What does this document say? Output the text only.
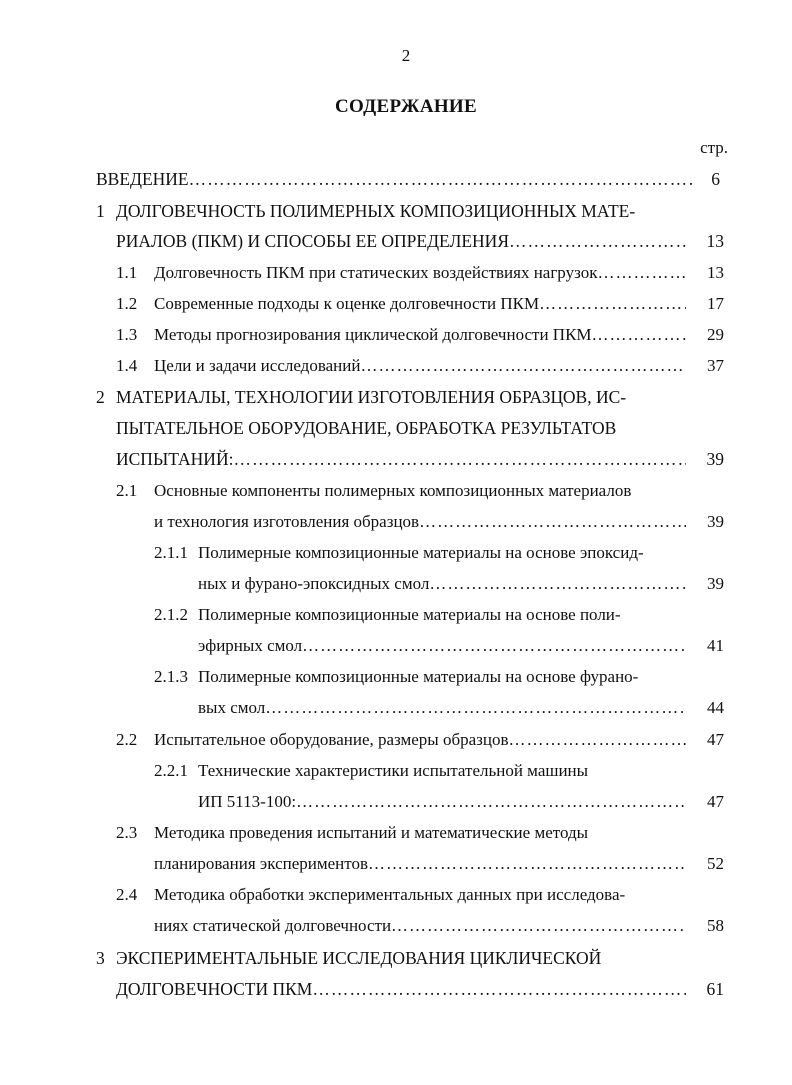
2
СОДЕРЖАНИЕ
стр.
ВВЕДЕНИЕ …………………………………………………………………………………………………………………………………………	6
1 ДОЛГОВЕЧНОСТЬ ПОЛИМЕРНЫХ КОМПОЗИЦИОННЫХ МАТЕ-
РИАЛОВ (ПКМ) И СПОСОБЫ ЕЕ ОПРЕДЕЛЕНИЯ …………………………………………………………………………………………………………………………………………	13
1.1 Долговечность ПКМ при статических воздействиях нагрузок …………………………………………………………………………………………………………………………………………	13
1.2 Современные подходы к оценке долговечности ПКМ …………………………………………………………………………………………………………………………………………	17
1.3 Методы прогнозирования циклической долговечности ПКМ …………………………………………………………………………………………………………………………………………	29
1.4 Цели и задачи исследований …………………………………………………………………………………………………………………………………………	37
2 МАТЕРИАЛЫ, ТЕХНОЛОГИИ ИЗГОТОВЛЕНИЯ ОБРАЗЦОВ, ИС-
ПЫТАТЕЛЬНОЕ ОБОРУДОВАНИЕ, ОБРАБОТКА РЕЗУЛЬТАТОВ
ИСПЫТАНИЙ: …………………………………………………………………………………………………………………………………………	39
2.1 Основные компоненты полимерных композиционных материалов
и технология изготовления образцов …………………………………………………………………………………………………………………………………………	39
2.1.1 Полимерные композиционные материалы на основе эпоксид-
ных и фурано-эпоксидных смол …………………………………………………………………………………………………………………………………………	39
2.1.2 Полимерные композиционные материалы на основе поли-
эфирных смол …………………………………………………………………………………………………………………………………………	41
2.1.3 Полимерные композиционные материалы на основе фурано-
вых смол …………………………………………………………………………………………………………………………………………	44
2.2 Испытательное оборудование, размеры образцов …………………………………………………………………………………………………………………………………………	47
2.2.1 Технические характеристики испытательной машины
ИП 5113-100: …………………………………………………………………………………………………………………………………………	47
2.3 Методика проведения испытаний и математические методы
планирования экспериментов …………………………………………………………………………………………………………………………………………	52
2.4 Методика обработки экспериментальных данных при исследова-
ниях статической долговечности …………………………………………………………………………………………………………………………………………	58
3 ЭКСПЕРИМЕНТАЛЬНЫЕ ИССЛЕДОВАНИЯ ЦИКЛИЧЕСКОЙ
ДОЛГОВЕЧНОСТИ ПКМ …………………………………………………………………………………………………………………………………………	61
